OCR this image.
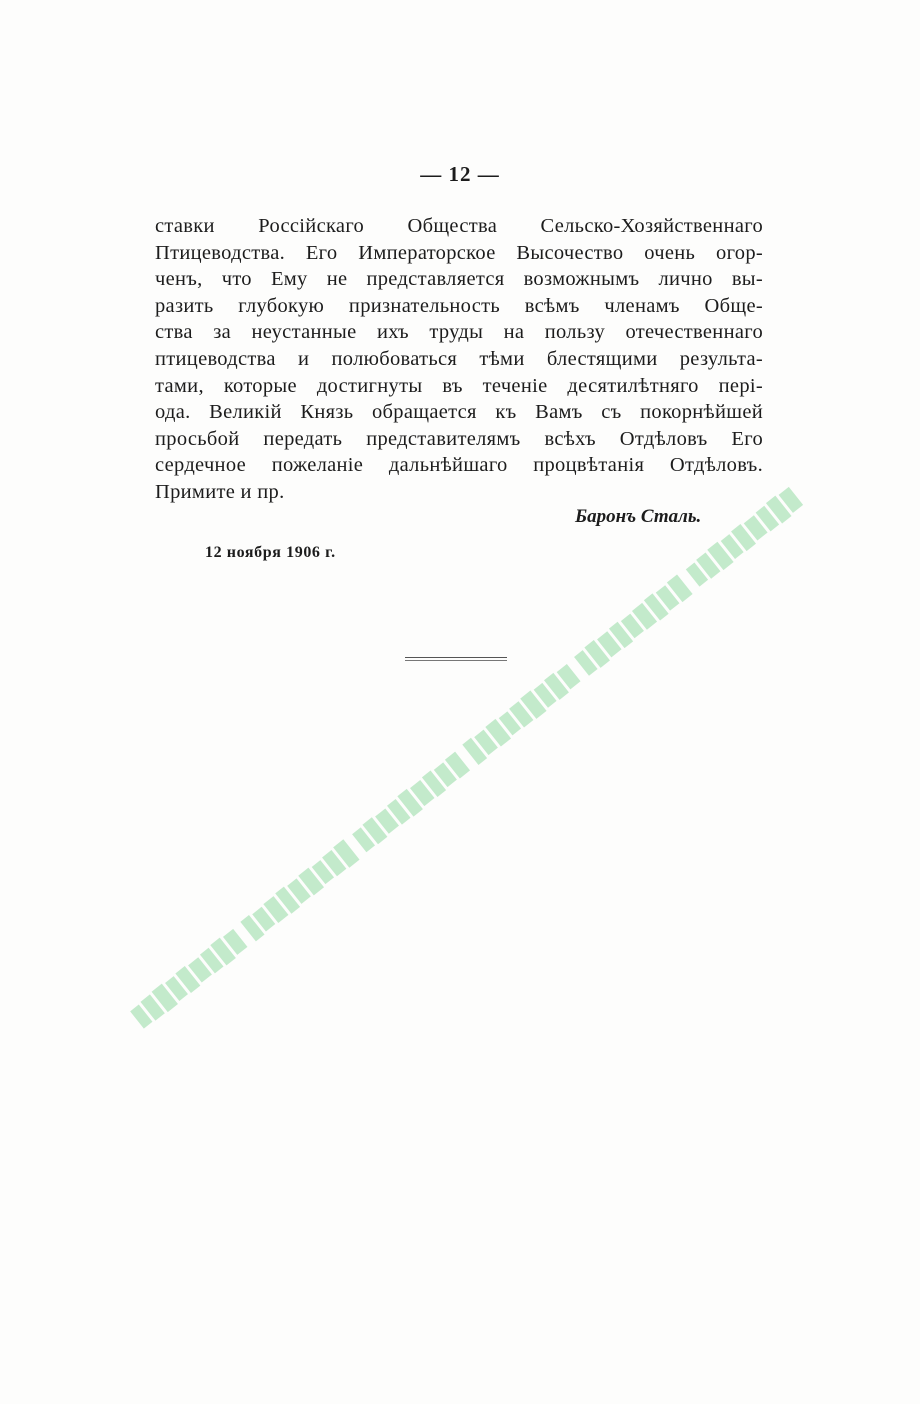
— 12 —
ставки Россійскаго Общества Сельско-Хозяйственнаго
Птицеводства. Его Императорское Высочество очень огор-
ченъ, что Ему не представляется возможнымъ лично вы-
разить глубокую признательность всѣмъ членамъ Обще-
ства за неустанные ихъ труды на пользу отечественнаго
птицеводства и полюбоваться тѣми блестящими результа-
тами, которые достигнуты въ теченіе десятилѣтняго пері-
ода. Великій Князь обращается къ Вамъ съ покорнѣйшей
просьбой передать представителямъ всѣхъ Отдѣловъ Его
сердечное пожеланіе дальнѣйшаго процвѣтанія Отдѣловъ.
Примите и пр.
Баронъ Сталь.
12 ноября 1906 г.
